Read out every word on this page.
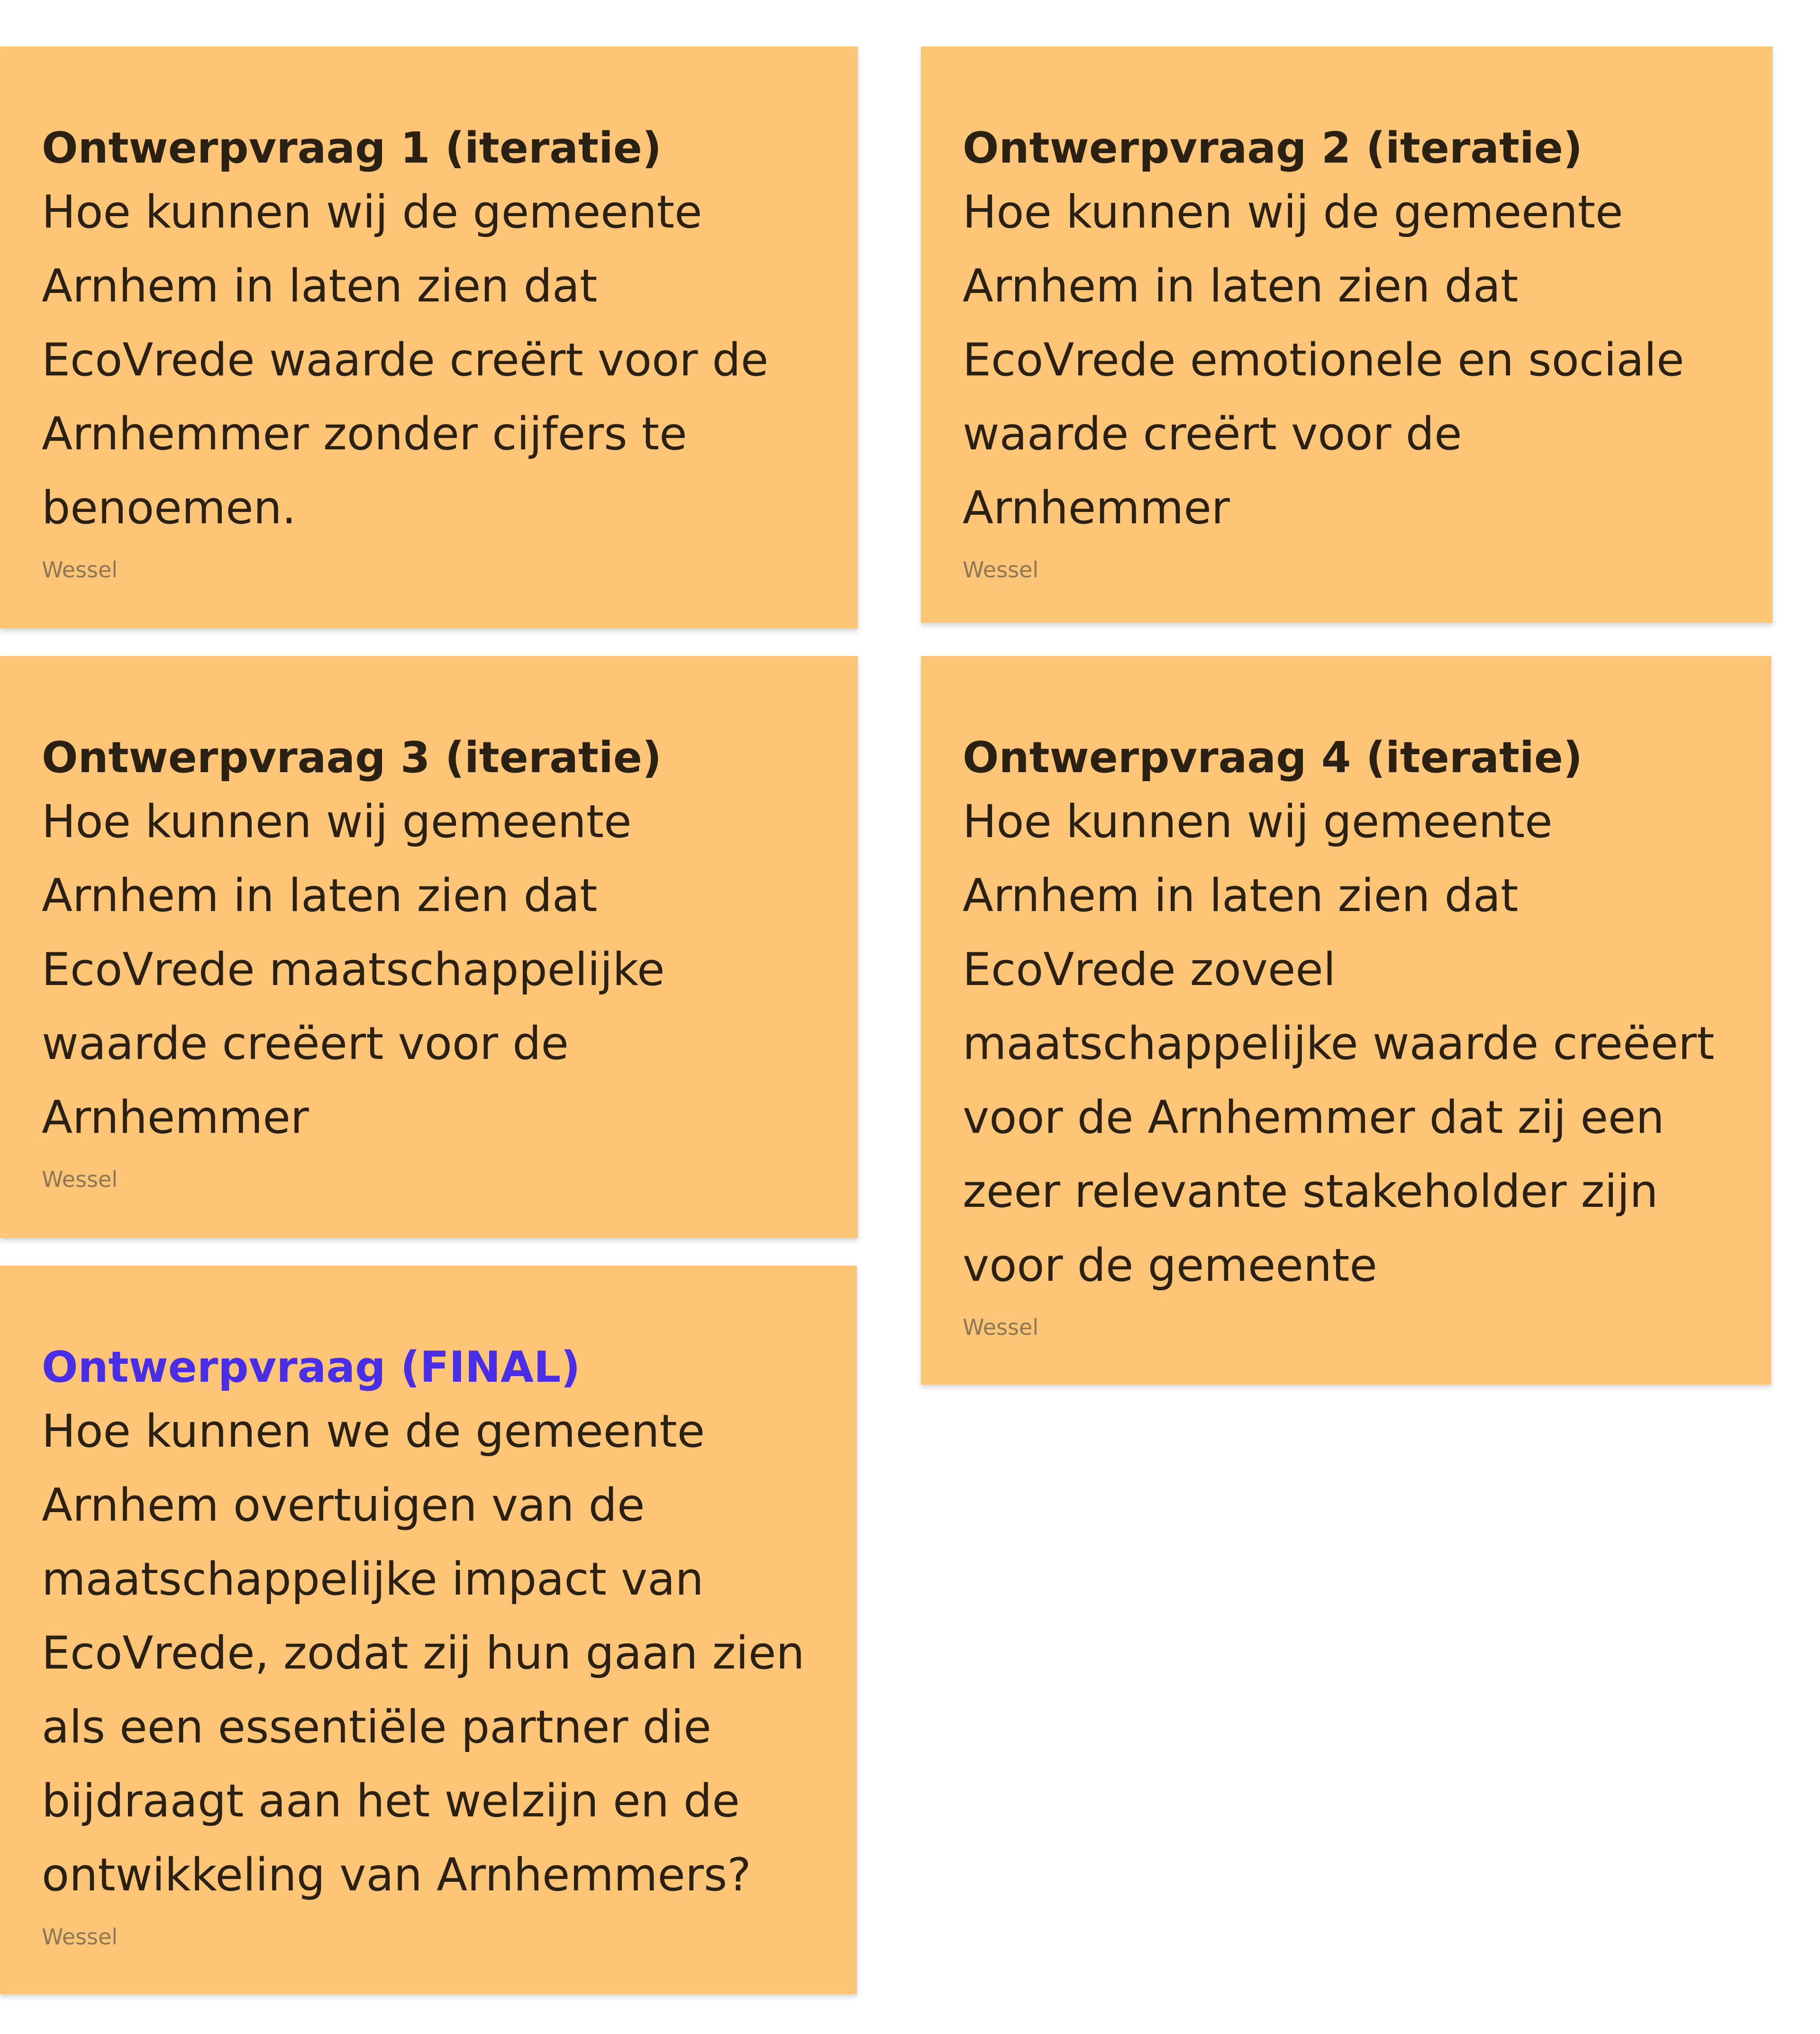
Ontwerpvraag 1 (iteratie)
Hoe kunnen wij de gemeente
Arnhem in laten zien dat
EcoVrede waarde creërt voor de
Arnhemmer zonder cijfers te
benoemen.
Wessel
Ontwerpvraag 2 (iteratie)
Hoe kunnen wij de gemeente
Arnhem in laten zien dat
EcoVrede emotionele en sociale
waarde creërt voor de
Arnhemmer
Wessel
Ontwerpvraag 3 (iteratie)
Hoe kunnen wij gemeente
Arnhem in laten zien dat
EcoVrede maatschappelijke
waarde creëert voor de
Arnhemmer
Wessel
Ontwerpvraag 4 (iteratie)
Hoe kunnen wij gemeente
Arnhem in laten zien dat
EcoVrede zoveel
maatschappelijke waarde creëert
voor de Arnhemmer dat zij een
zeer relevante stakeholder zijn
voor de gemeente
Wessel
Ontwerpvraag (FINAL)
Hoe kunnen we de gemeente
Arnhem overtuigen van de
maatschappelijke impact van
EcoVrede, zodat zij hun gaan zien
als een essentiële partner die
bijdraagt aan het welzijn en de
ontwikkeling van Arnhemmers?
Wessel
